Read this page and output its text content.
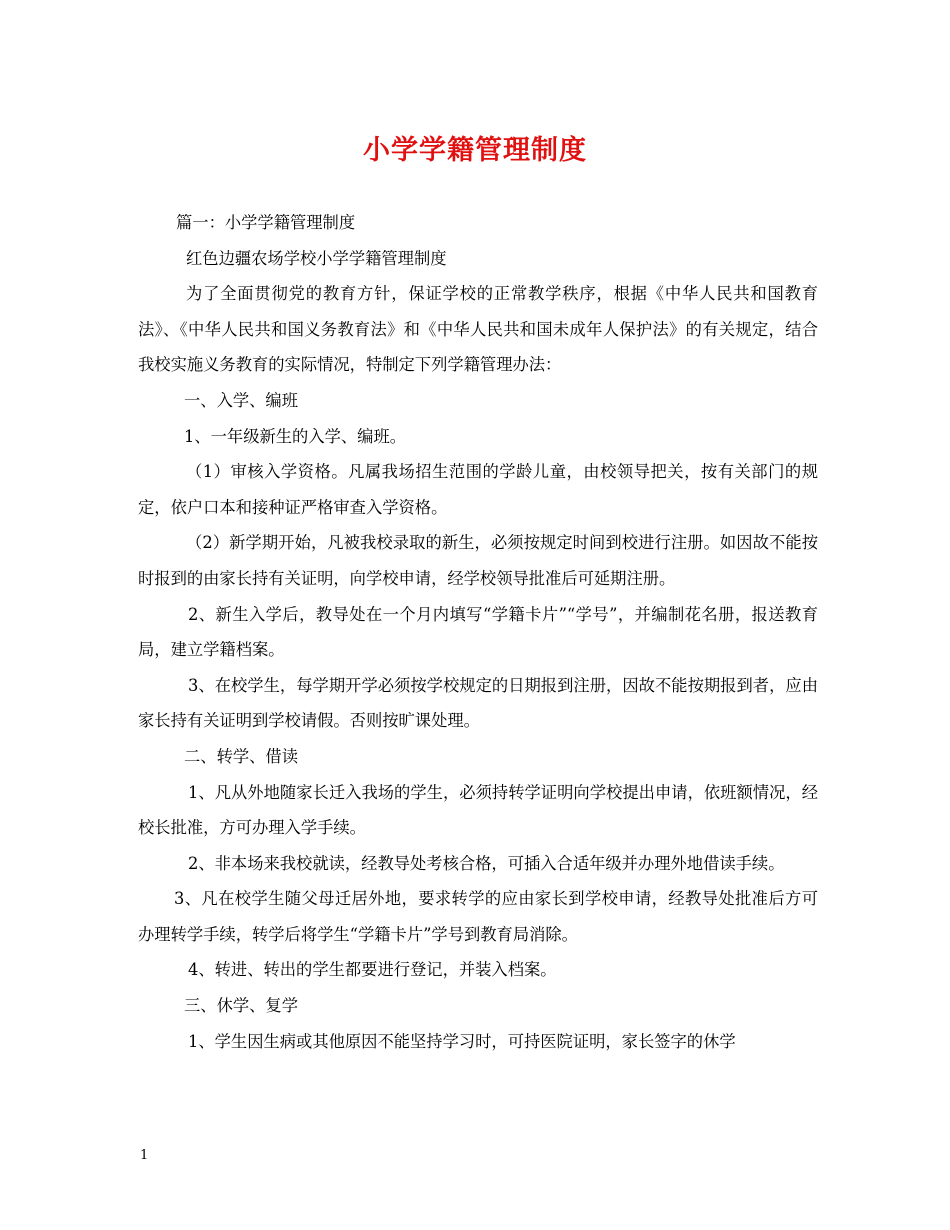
小学学籍管理制度

篇一：小学学籍管理制度

红色边疆农场学校小学学籍管理制度

为了全面贯彻党的教育方针，保证学校的正常教学秩序，根据《中华人民共和国教育法》、《中华人民共和国义务教育法》和《中华人民共和国未成年人保护法》的有关规定，结合我校实施义务教育的实际情况，特制定下列学籍管理办法：

一、入学、编班

1、一年级新生的入学、编班。

（1）审核入学资格。凡属我场招生范围的学龄儿童，由校领导把关，按有关部门的规定，依户口本和接种证严格审查入学资格。

（2）新学期开始，凡被我校录取的新生，必须按规定时间到校进行注册。如因故不能按时报到的由家长持有关证明，向学校申请，经学校领导批准后可延期注册。

2、新生入学后，教导处在一个月内填写“学籍卡片”“学号”，并编制花名册，报送教育局，建立学籍档案。

3、在校学生，每学期开学必须按学校规定的日期报到注册，因故不能按期报到者，应由家长持有关证明到学校请假。否则按旷课处理。

二、转学、借读

1、凡从外地随家长迁入我场的学生，必须持转学证明向学校提出申请，依班额情况，经校长批准，方可办理入学手续。

2、非本场来我校就读，经教导处考核合格，可插入合适年级并办理外地借读手续。

3、凡在校学生随父母迁居外地，要求转学的应由家长到学校申请，经教导处批准后方可办理转学手续，转学后将学生“学籍卡片”学号到教育局消除。

4、转进、转出的学生都要进行登记，并装入档案。

三、休学、复学

1、学生因生病或其他原因不能坚持学习时，可持医院证明，家长签字的休学

1
